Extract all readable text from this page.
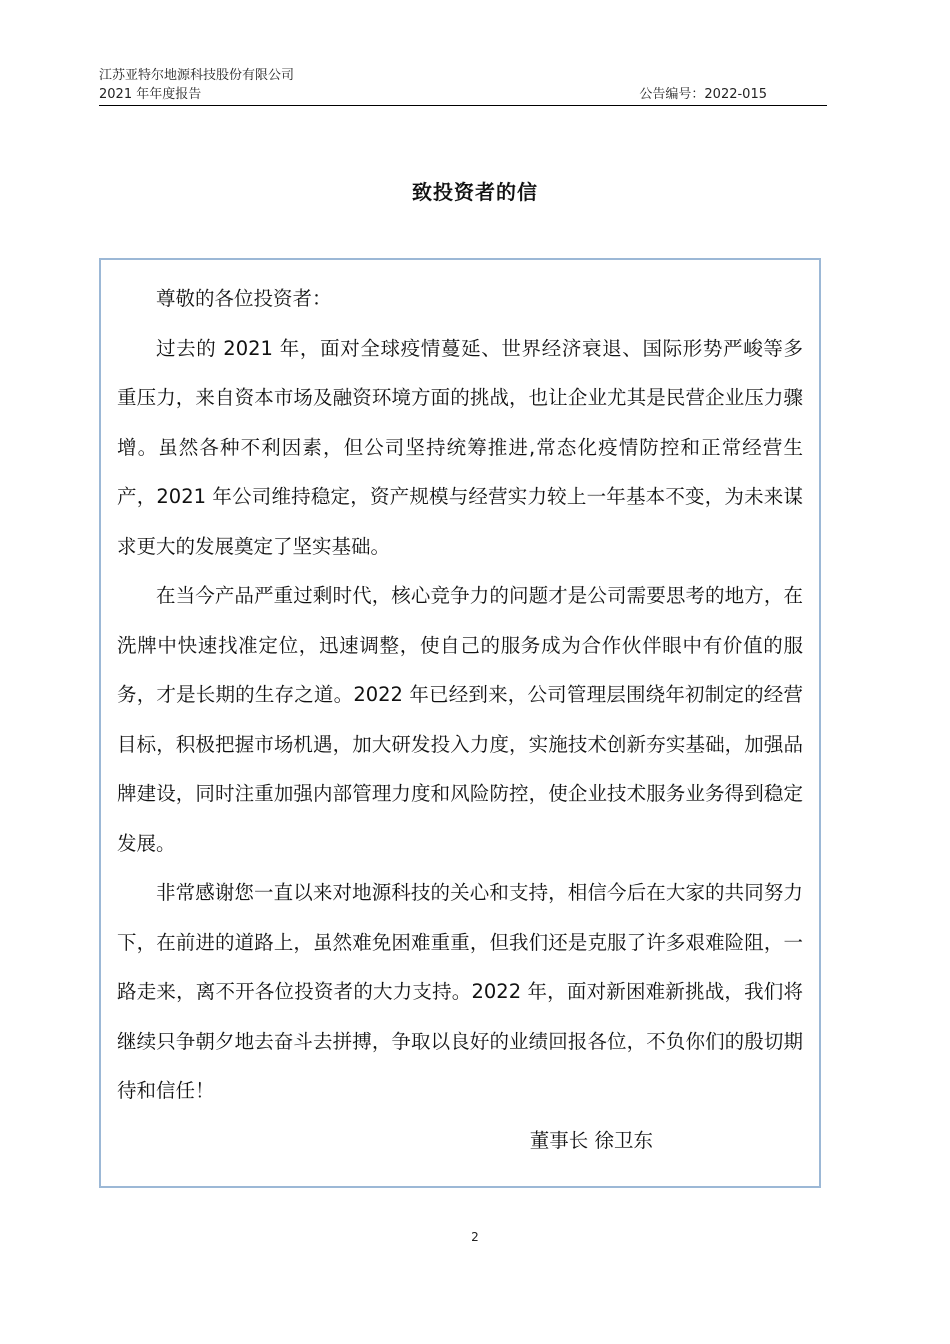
江苏亚特尔地源科技股份有限公司
2021 年年度报告	公告编号：2022-015
致投资者的信

尊敬的各位投资者：

过去的 2021 年，面对全球疫情蔓延、世界经济衰退、国际形势严峻等多重压力，来自资本市场及融资环境方面的挑战，也让企业尤其是民营企业压力骤增。虽然各种不利因素，但公司坚持统筹推进,常态化疫情防控和正常经营生产，2021 年公司维持稳定，资产规模与经营实力较上一年基本不变，为未来谋求更大的发展奠定了坚实基础。

在当今产品严重过剩时代，核心竞争力的问题才是公司需要思考的地方，在洗牌中快速找准定位，迅速调整，使自己的服务成为合作伙伴眼中有价值的服务，才是长期的生存之道。2022 年已经到来，公司管理层围绕年初制定的经营目标，积极把握市场机遇，加大研发投入力度，实施技术创新夯实基础，加强品牌建设，同时注重加强内部管理力度和风险防控，使企业技术服务业务得到稳定发展。

非常感谢您一直以来对地源科技的关心和支持，相信今后在大家的共同努力下，在前进的道路上，虽然难免困难重重，但我们还是克服了许多艰难险阻，一路走来，离不开各位投资者的大力支持。2022 年，面对新困难新挑战，我们将继续只争朝夕地去奋斗去拼搏，争取以良好的业绩回报各位，不负你们的殷切期待和信任！

董事长 徐卫东

2
